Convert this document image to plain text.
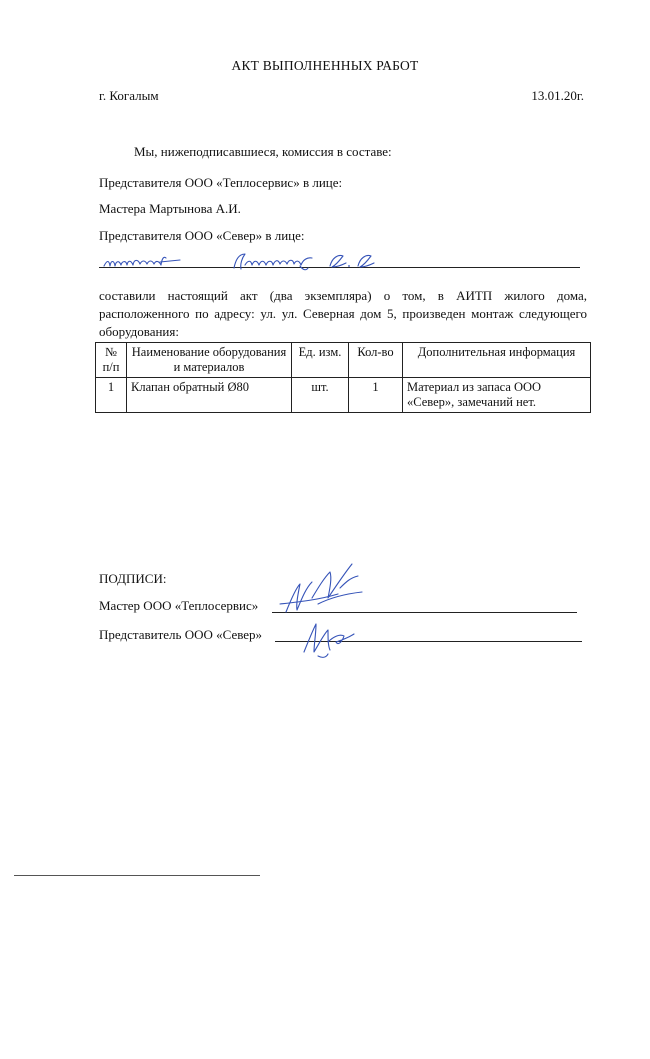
АКТ ВЫПОЛНЕННЫХ РАБОТ
г. Когалым	13.01.20г.
Мы, нижеподписавшиеся, комиссия в составе:
Представителя ООО «Теплосервис» в лице:
Мастера Мартынова А.И.
Представителя ООО «Север» в лице:
составили настоящий акт (два экземпляра) о том, в АИТП жилого дома, расположенного по адресу: ул. ул. Северная дом 5, произведен монтаж следующего оборудования:
№ п/п	Наименование оборудования и материалов	Ед. изм.	Кол-во	Дополнительная информация
1	Клапан обратный Ø80	шт.	1	Материал из запаса ООО «Север», замечаний нет.
ПОДПИСИ:
Мастер ООО «Теплосервис»
Представитель ООО «Север»
